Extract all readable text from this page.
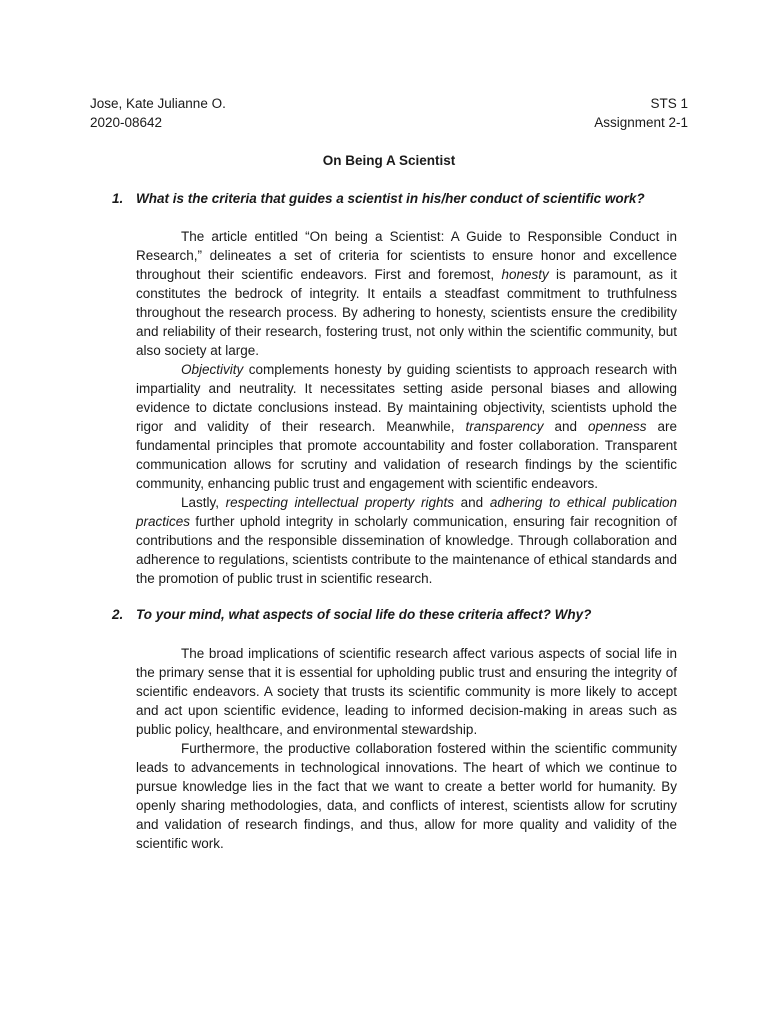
Jose, Kate Julianne O.
2020-08642
STS 1
Assignment 2-1
On Being A Scientist
1. What is the criteria that guides a scientist in his/her conduct of scientific work?

The article entitled “On being a Scientist: A Guide to Responsible Conduct in Research,” delineates a set of criteria for scientists to ensure honor and excellence throughout their scientific endeavors. First and foremost, honesty is paramount, as it constitutes the bedrock of integrity. It entails a steadfast commitment to truthfulness throughout the research process. By adhering to honesty, scientists ensure the credibility and reliability of their research, fostering trust, not only within the scientific community, but also society at large.

Objectivity complements honesty by guiding scientists to approach research with impartiality and neutrality. It necessitates setting aside personal biases and allowing evidence to dictate conclusions instead. By maintaining objectivity, scientists uphold the rigor and validity of their research. Meanwhile, transparency and openness are fundamental principles that promote accountability and foster collaboration. Transparent communication allows for scrutiny and validation of research findings by the scientific community, enhancing public trust and engagement with scientific endeavors.

Lastly, respecting intellectual property rights and adhering to ethical publication practices further uphold integrity in scholarly communication, ensuring fair recognition of contributions and the responsible dissemination of knowledge. Through collaboration and adherence to regulations, scientists contribute to the maintenance of ethical standards and the promotion of public trust in scientific research.

2. To your mind, what aspects of social life do these criteria affect? Why?

The broad implications of scientific research affect various aspects of social life in the primary sense that it is essential for upholding public trust and ensuring the integrity of scientific endeavors. A society that trusts its scientific community is more likely to accept and act upon scientific evidence, leading to informed decision-making in areas such as public policy, healthcare, and environmental stewardship.

Furthermore, the productive collaboration fostered within the scientific community leads to advancements in technological innovations. The heart of which we continue to pursue knowledge lies in the fact that we want to create a better world for humanity. By openly sharing methodologies, data, and conflicts of interest, scientists allow for scrutiny and validation of research findings, and thus, allow for more quality and validity of the scientific work.
